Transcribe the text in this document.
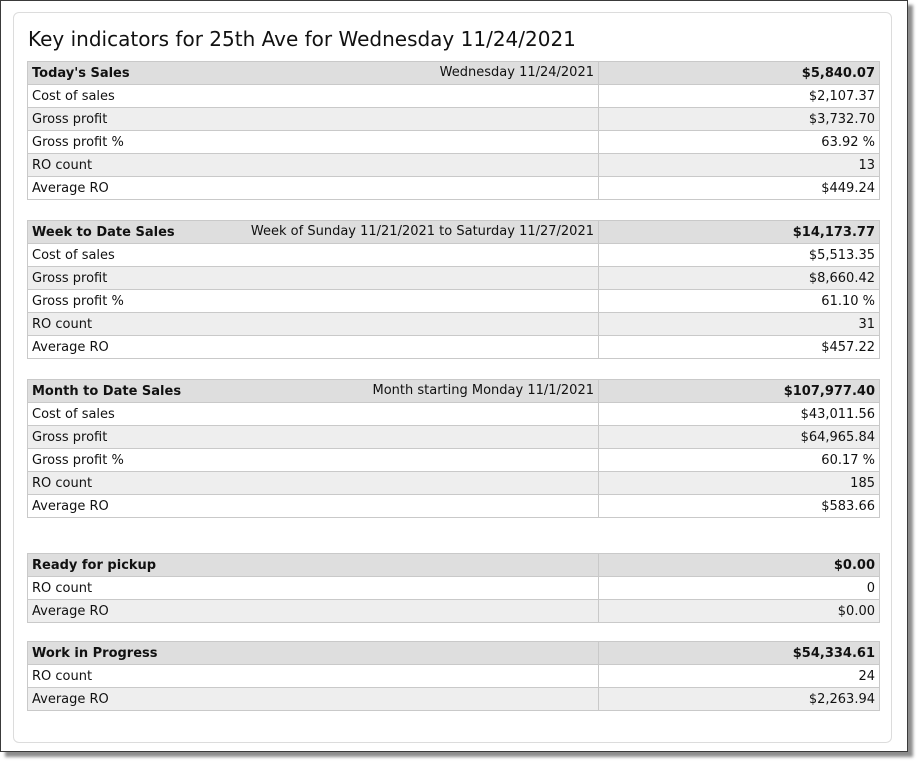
Key indicators for 25th Ave for Wednesday 11/24/2021
Today's Sales Wednesday 11/24/2021	$5,840.07
Cost of sales	$2,107.37
Gross profit	$3,732.70
Gross profit %	63.92 %
RO count	13
Average RO	$449.24
Week to Date Sales Week of Sunday 11/21/2021 to Saturday 11/27/2021	$14,173.77
Cost of sales	$5,513.35
Gross profit	$8,660.42
Gross profit %	61.10 %
RO count	31
Average RO	$457.22
Month to Date Sales Month starting Monday 11/1/2021	$107,977.40
Cost of sales	$43,011.56
Gross profit	$64,965.84
Gross profit %	60.17 %
RO count	185
Average RO	$583.66
Ready for pickup	$0.00
RO count	0
Average RO	$0.00
Work in Progress	$54,334.61
RO count	24
Average RO	$2,263.94
